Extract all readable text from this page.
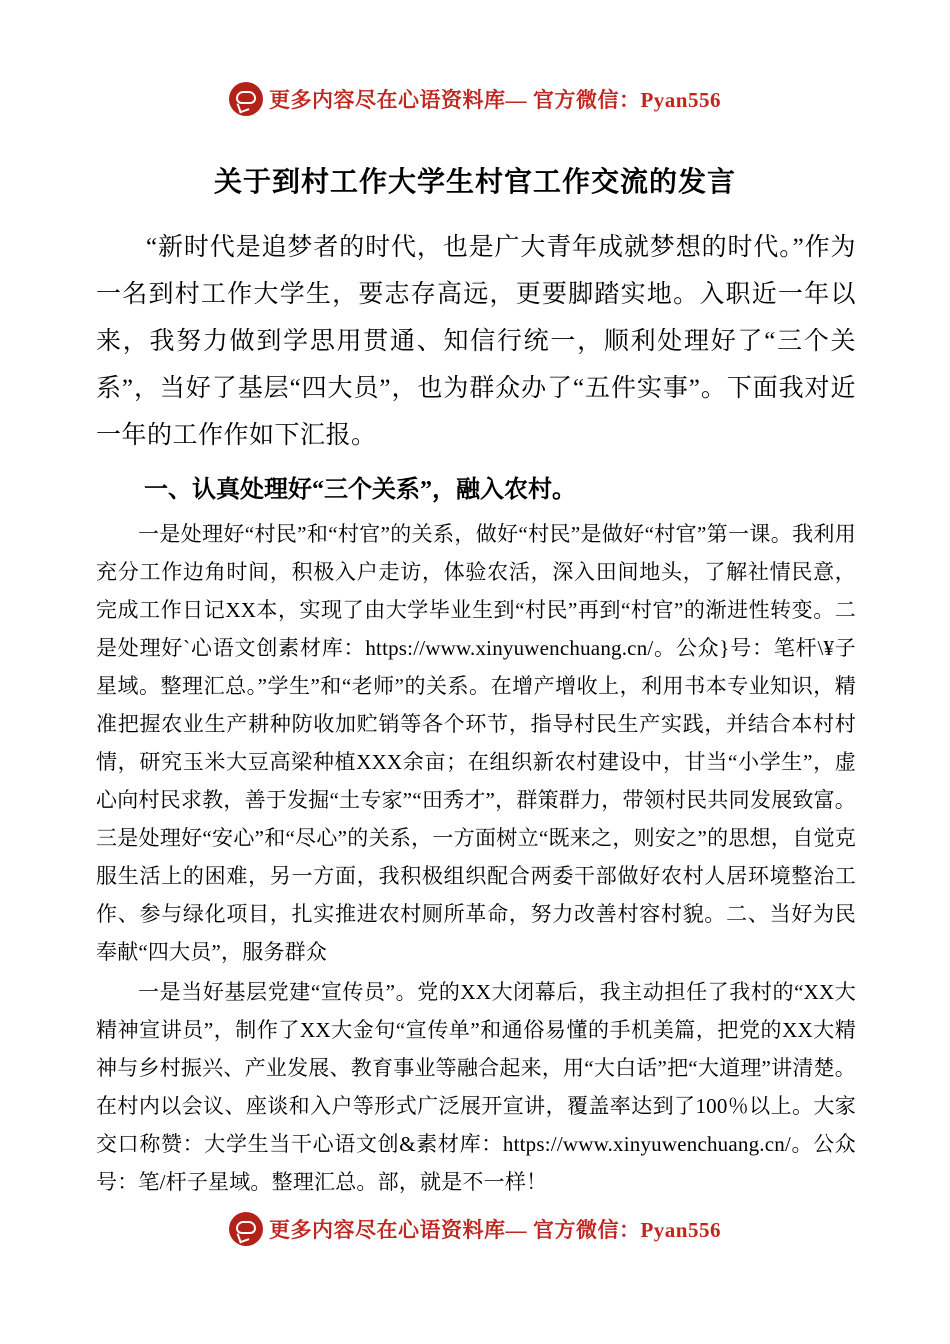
更多内容尽在心语资料库— 官方微信：Pyan556
关于到村工作大学生村官工作交流的发言

“新时代是追梦者的时代，也是广大青年成就梦想的时代。”作为一名到村工作大学生，要志存高远，更要脚踏实地。入职近一年以来，我努力做到学思用贯通、知信行统一，顺利处理好了“三个关系”，当好了基层“四大员”，也为群众办了“五件实事”。下面我对近一年的工作作如下汇报。

一、认真处理好“三个关系”，融入农村。

一是处理好“村民”和“村官”的关系，做好“村民”是做好“村官”第一课。我利用充分工作边角时间，积极入户走访，体验农活，深入田间地头，了解社情民意，完成工作日记XX本，实现了由大学毕业生到“村民”再到“村官”的渐进性转变。二是处理好`心语文创素材库：https://www.xinyuwenchuang.cn/。公众}号：笔杆\¥子星域。整理汇总。”学生”和“老师”的关系。在增产增收上，利用书本专业知识，精准把握农业生产耕种防收加贮销等各个环节，指导村民生产实践，并结合本村村情，研究玉米大豆高梁种植XXX余亩；在组织新农村建设中，甘当“小学生”，虚心向村民求教，善于发掘“土专家”“田秀才”，群策群力，带领村民共同发展致富。三是处理好“安心”和“尽心”的关系，一方面树立“既来之，则安之”的思想，自觉克服生活上的困难，另一方面，我积极组织配合两委干部做好农村人居环境整治工作、参与绿化项目，扎实推进农村厕所革命，努力改善村容村貌。二、当好为民奉献“四大员”，服务群众

一是当好基层党建“宣传员”。党的XX大闭幕后，我主动担任了我村的“XX大精神宣讲员”，制作了XX大金句“宣传单”和通俗易懂的手机美篇，把党的XX大精神与乡村振兴、产业发展、教育事业等融合起来，用“大白话”把“大道理”讲清楚。在村内以会议、座谈和入户等形式广泛展开宣讲，覆盖率达到了100％以上。大家交口称赞：大学生当干心语文创&素材库：https://www.xinyuwenchuang.cn/。公众号：笔/杆子星域。整理汇总。部，就是不一样！

更多内容尽在心语资料库— 官方微信：Pyan556
